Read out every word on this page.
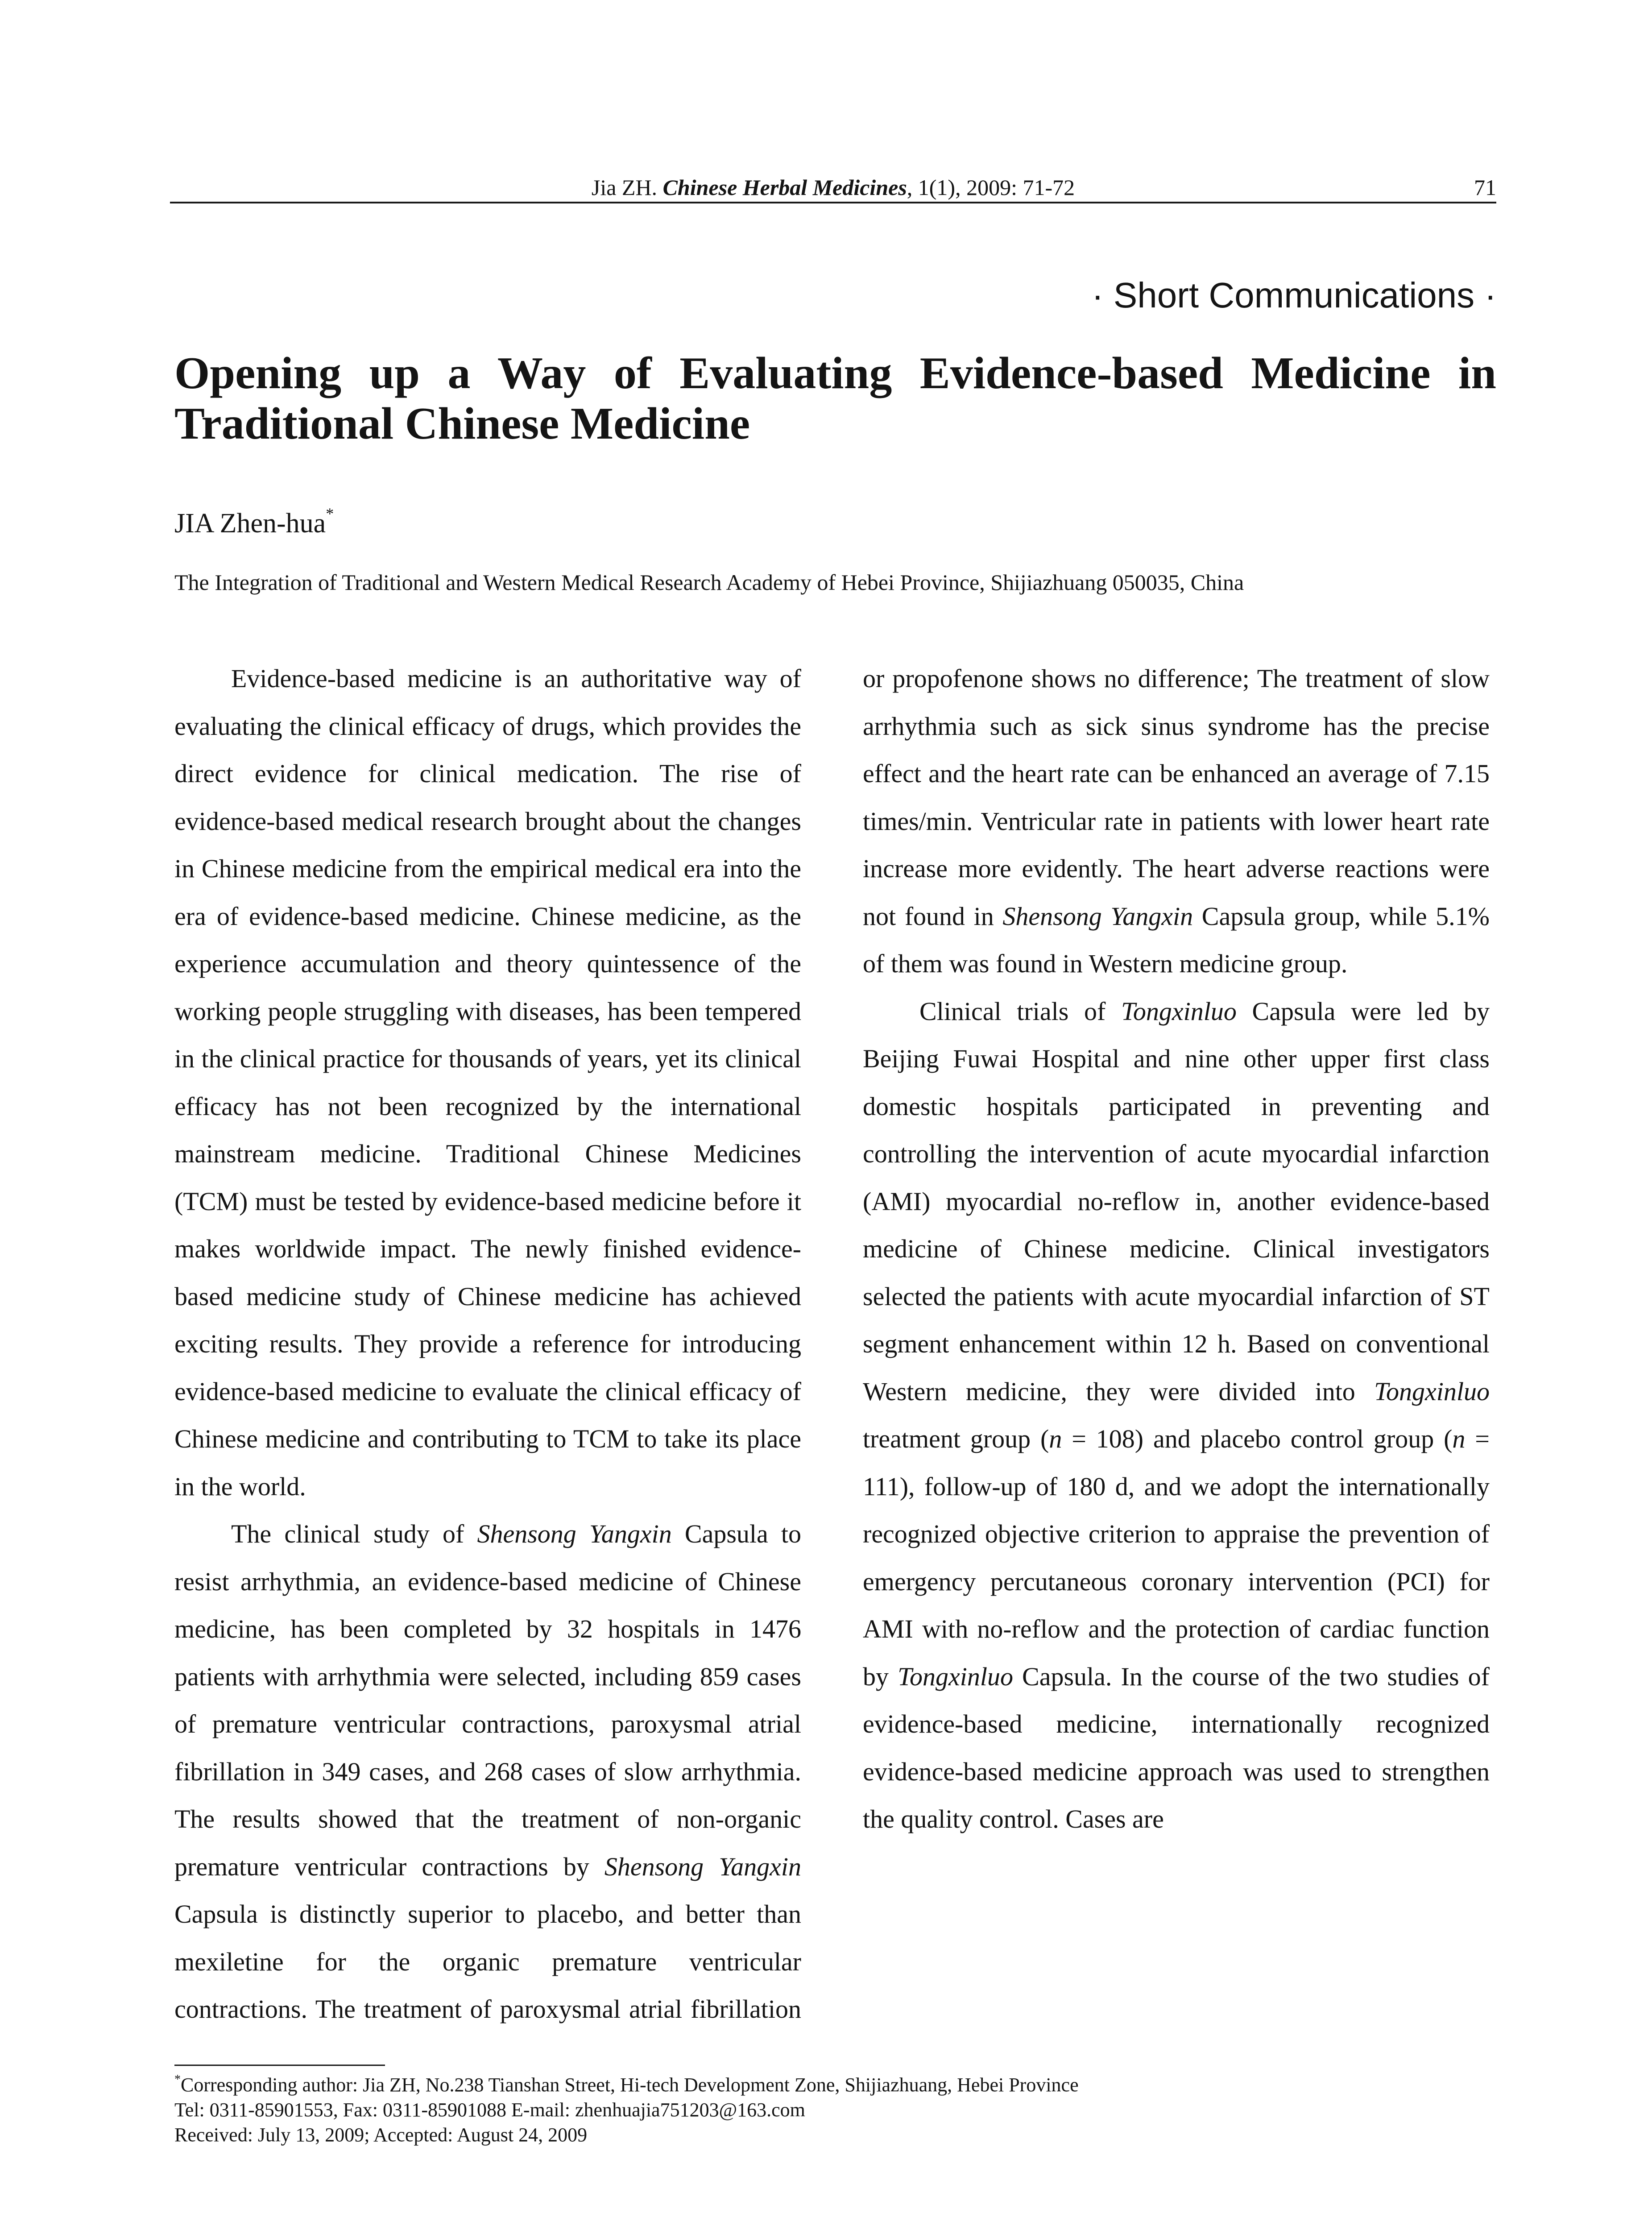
Jia ZH. Chinese Herbal Medicines, 1(1), 2009: 71-72	71
· Short Communications ·
Opening up a Way of Evaluating Evidence-based Medicine in Traditional Chinese Medicine
JIA Zhen-hua*
The Integration of Traditional and Western Medical Research Academy of Hebei Province, Shijiazhuang 050035, China

Evidence-based medicine is an authoritative way of evaluating the clinical efficacy of drugs, which provides the direct evidence for clinical medication. The rise of evidence-based medical research brought about the changes in Chinese medicine from the empirical medical era into the era of evidence-based medicine. Chinese medicine, as the experience accumulation and theory quintessence of the working people struggling with diseases, has been tempered in the clinical practice for thousands of years, yet its clinical efficacy has not been recognized by the international mainstream medicine. Traditional Chinese Medicines (TCM) must be tested by evidence-based medicine before it makes worldwide impact. The newly finished evidence-based medicine study of Chinese medicine has achieved exciting results. They provide a reference for introducing evidence-based medicine to evaluate the clinical efficacy of Chinese medicine and contributing to TCM to take its place in the world.

The clinical study of Shensong Yangxin Capsula to resist arrhythmia, an evidence-based medicine of Chinese medicine, has been completed by 32 hospitals in 1476 patients with arrhythmia were selected, including 859 cases of premature ventricular contractions, paroxysmal atrial fibrillation in 349 cases, and 268 cases of slow arrhythmia. The results showed that the treatment of non-organic premature ventricular contractions by Shensong Yangxin Capsula is distinctly superior to placebo, and better than mexiletine for the organic premature ventricular contractions. The treatment of paroxysmal atrial fibrillation

or propofenone shows no difference; The treatment of slow arrhythmia such as sick sinus syndrome has the precise effect and the heart rate can be enhanced an average of 7.15 times/min. Ventricular rate in patients with lower heart rate increase more evidently. The heart adverse reactions were not found in Shensong Yangxin Capsula group, while 5.1% of them was found in Western medicine group.

Clinical trials of Tongxinluo Capsula were led by Beijing Fuwai Hospital and nine other upper first class domestic hospitals participated in preventing and controlling the intervention of acute myocardial infarction (AMI) myocardial no-reflow in, another evidence-based medicine of Chinese medicine. Clinical investigators selected the patients with acute myocardial infarction of ST segment enhancement within 12 h. Based on conventional Western medicine, they were divided into Tongxinluo treatment group (n = 108) and placebo control group (n = 111), follow-up of 180 d, and we adopt the internationally recognized objective criterion to appraise the prevention of emergency percutaneous coronary intervention (PCI) for AMI with no-reflow and the protection of cardiac function by Tongxinluo Capsula. In the course of the two studies of evidence-based medicine, internationally recognized evidence-based medicine approach was used to strengthen the quality control. Cases are

*Corresponding author: Jia ZH, No.238 Tianshan Street, Hi-tech Development Zone, Shijiazhuang, Hebei Province
Tel: 0311-85901553, Fax: 0311-85901088 E-mail: zhenhuajia751203@163.com
Received: July 13, 2009; Accepted: August 24, 2009
